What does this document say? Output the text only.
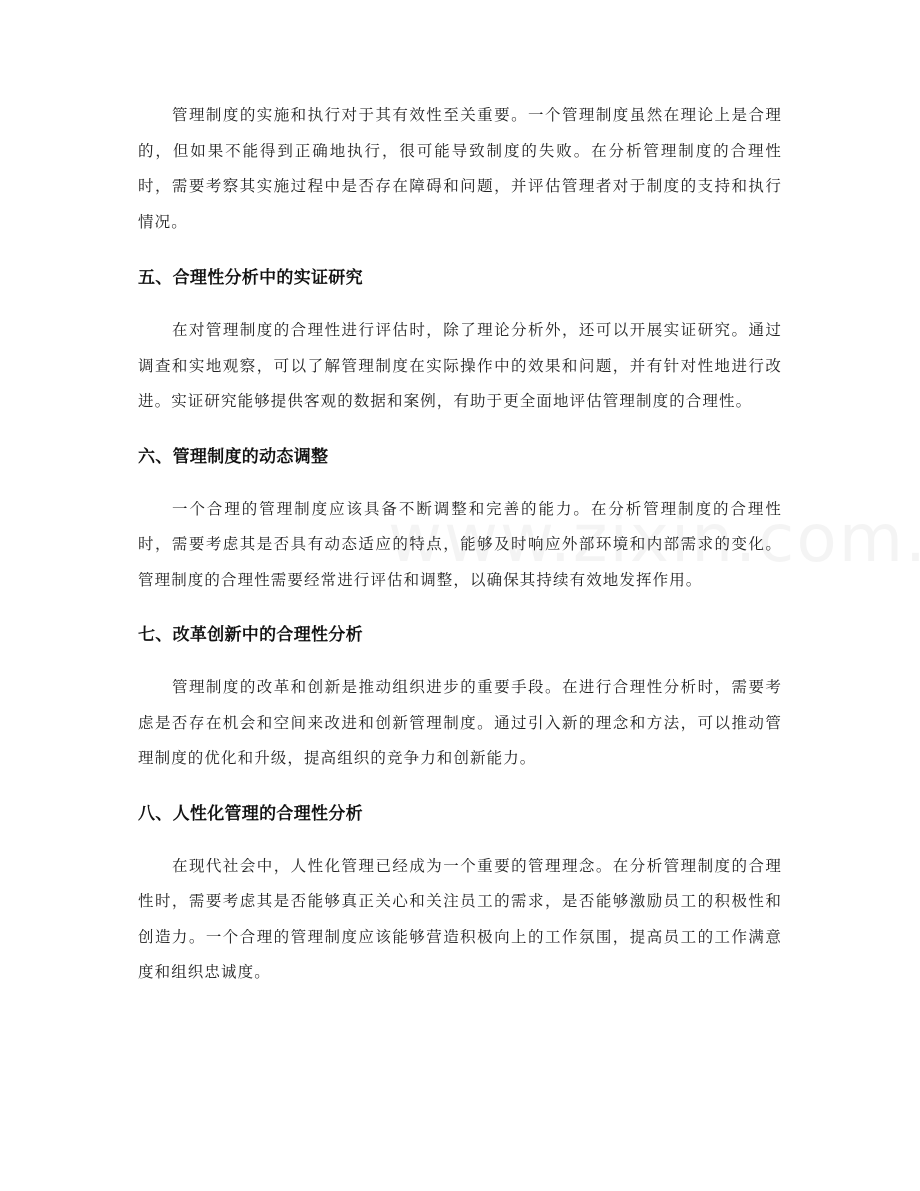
管理制度的实施和执行对于其有效性至关重要。一个管理制度虽然在理论上是合理的，但如果不能得到正确地执行，很可能导致制度的失败。在分析管理制度的合理性时，需要考察其实施过程中是否存在障碍和问题，并评估管理者对于制度的支持和执行情况。

五、合理性分析中的实证研究

在对管理制度的合理性进行评估时，除了理论分析外，还可以开展实证研究。通过调查和实地观察，可以了解管理制度在实际操作中的效果和问题，并有针对性地进行改进。实证研究能够提供客观的数据和案例，有助于更全面地评估管理制度的合理性。

六、管理制度的动态调整

一个合理的管理制度应该具备不断调整和完善的能力。在分析管理制度的合理性时，需要考虑其是否具有动态适应的特点，能够及时响应外部环境和内部需求的变化。管理制度的合理性需要经常进行评估和调整，以确保其持续有效地发挥作用。

七、改革创新中的合理性分析

管理制度的改革和创新是推动组织进步的重要手段。在进行合理性分析时，需要考虑是否存在机会和空间来改进和创新管理制度。通过引入新的理念和方法，可以推动管理制度的优化和升级，提高组织的竞争力和创新能力。

八、人性化管理的合理性分析

在现代社会中，人性化管理已经成为一个重要的管理理念。在分析管理制度的合理性时，需要考虑其是否能够真正关心和关注员工的需求，是否能够激励员工的积极性和创造力。一个合理的管理制度应该能够营造积极向上的工作氛围，提高员工的工作满意度和组织忠诚度。
